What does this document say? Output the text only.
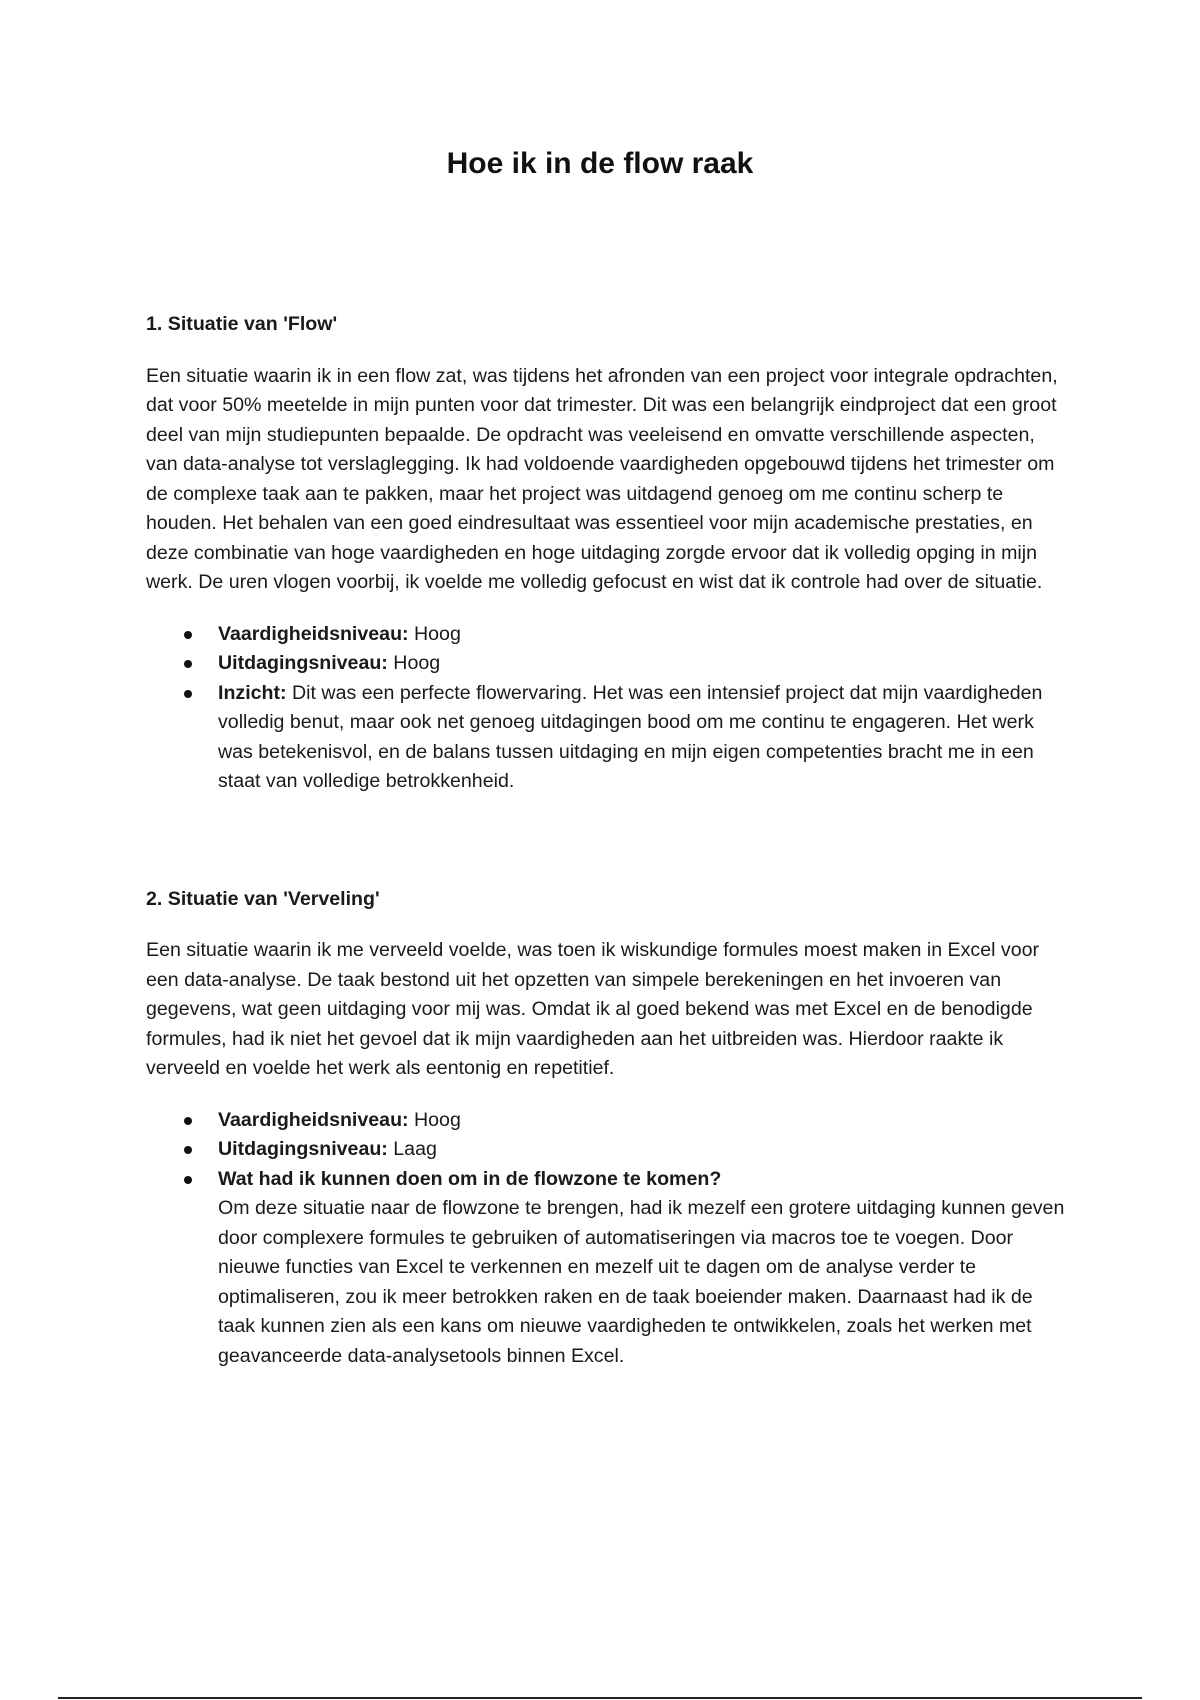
Hoe ik in de flow raak
1. Situatie van 'Flow'

Een situatie waarin ik in een flow zat, was tijdens het afronden van een project voor integrale opdrachten, dat voor 50% meetelde in mijn punten voor dat trimester. Dit was een belangrijk eindproject dat een groot deel van mijn studiepunten bepaalde. De opdracht was veeleisend en omvatte verschillende aspecten, van data-analyse tot verslaglegging. Ik had voldoende vaardigheden opgebouwd tijdens het trimester om de complexe taak aan te pakken, maar het project was uitdagend genoeg om me continu scherp te houden. Het behalen van een goed eindresultaat was essentieel voor mijn academische prestaties, en deze combinatie van hoge vaardigheden en hoge uitdaging zorgde ervoor dat ik volledig opging in mijn werk. De uren vlogen voorbij, ik voelde me volledig gefocust en wist dat ik controle had over de situatie.

Vaardigheidsniveau: Hoog
Uitdagingsniveau: Hoog
Inzicht: Dit was een perfecte flowervaring. Het was een intensief project dat mijn vaardigheden volledig benut, maar ook net genoeg uitdagingen bood om me continu te engageren. Het werk was betekenisvol, en de balans tussen uitdaging en mijn eigen competenties bracht me in een staat van volledige betrokkenheid.
2. Situatie van 'Verveling'

Een situatie waarin ik me verveeld voelde, was toen ik wiskundige formules moest maken in Excel voor een data-analyse. De taak bestond uit het opzetten van simpele berekeningen en het invoeren van gegevens, wat geen uitdaging voor mij was. Omdat ik al goed bekend was met Excel en de benodigde formules, had ik niet het gevoel dat ik mijn vaardigheden aan het uitbreiden was. Hierdoor raakte ik verveeld en voelde het werk als eentonig en repetitief.

Vaardigheidsniveau: Hoog
Uitdagingsniveau: Laag
Wat had ik kunnen doen om in de flowzone te komen?
Om deze situatie naar de flowzone te brengen, had ik mezelf een grotere uitdaging kunnen geven door complexere formules te gebruiken of automatiseringen via macros toe te voegen. Door nieuwe functies van Excel te verkennen en mezelf uit te dagen om de analyse verder te optimaliseren, zou ik meer betrokken raken en de taak boeiender maken. Daarnaast had ik de taak kunnen zien als een kans om nieuwe vaardigheden te ontwikkelen, zoals het werken met geavanceerde data-analysetools binnen Excel.
